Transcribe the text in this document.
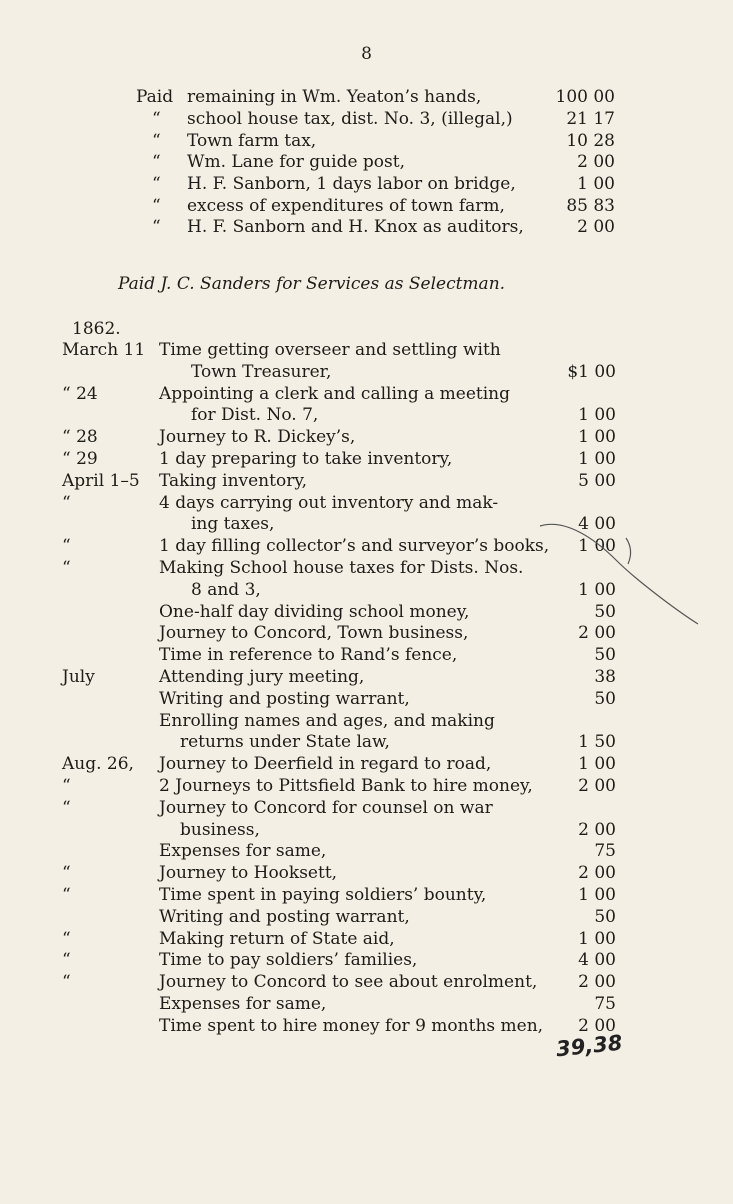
8
Paid remaining in Wm. Yeaton’s hands,	100 00
“ school house tax, dist. No. 3, (illegal,)	21 17
“ Town farm tax,	10 28
“ Wm. Lane for guide post,	2 00
“ H. F. Sanborn, 1 days labor on bridge,	1 00
“ excess of expenditures of town farm,	85 83
“ H. F. Sanborn and H. Knox as auditors,	2 00
Paid J. C. Sanders for Services as Selectman.
1862.
March 11 Time getting overseer and settling with
Town Treasurer,	$1 00
“ 24	Appointing a clerk and calling a meeting
for Dist. No. 7,	1 00
“ 28	Journey to R. Dickey’s,	1 00
“ 29	1 day preparing to take inventory,	1 00
April 1–5 Taking inventory,	5 00
“	4 days carrying out inventory and mak-
ing taxes,	4 00
“	1 day filling collector’s and surveyor’s books,	1 00
“	Making School house taxes for Dists. Nos.
8 and 3,	1 00
One-half day dividing school money,	50
Journey to Concord, Town business,	2 00
Time in reference to Rand’s fence,	50
July	Attending jury meeting,	38
Writing and posting warrant,	50
Enrolling names and ages, and making
returns under State law,	1 50
Aug. 26, Journey to Deerfield in regard to road,	1 00
“	2 Journeys to Pittsfield Bank to hire money,	2 00
“	Journey to Concord for counsel on war
business,	2 00
Expenses for same,	75
“	Journey to Hooksett,	2 00
“	Time spent in paying soldiers’ bounty,	1 00
Writing and posting warrant,	50
“	Making return of State aid,	1 00
“	Time to pay soldiers’ families,	4 00
“	Journey to Concord to see about enrolment,	2 00
Expenses for same,	75
Time spent to hire money for 9 months men,	2 00
39,38
